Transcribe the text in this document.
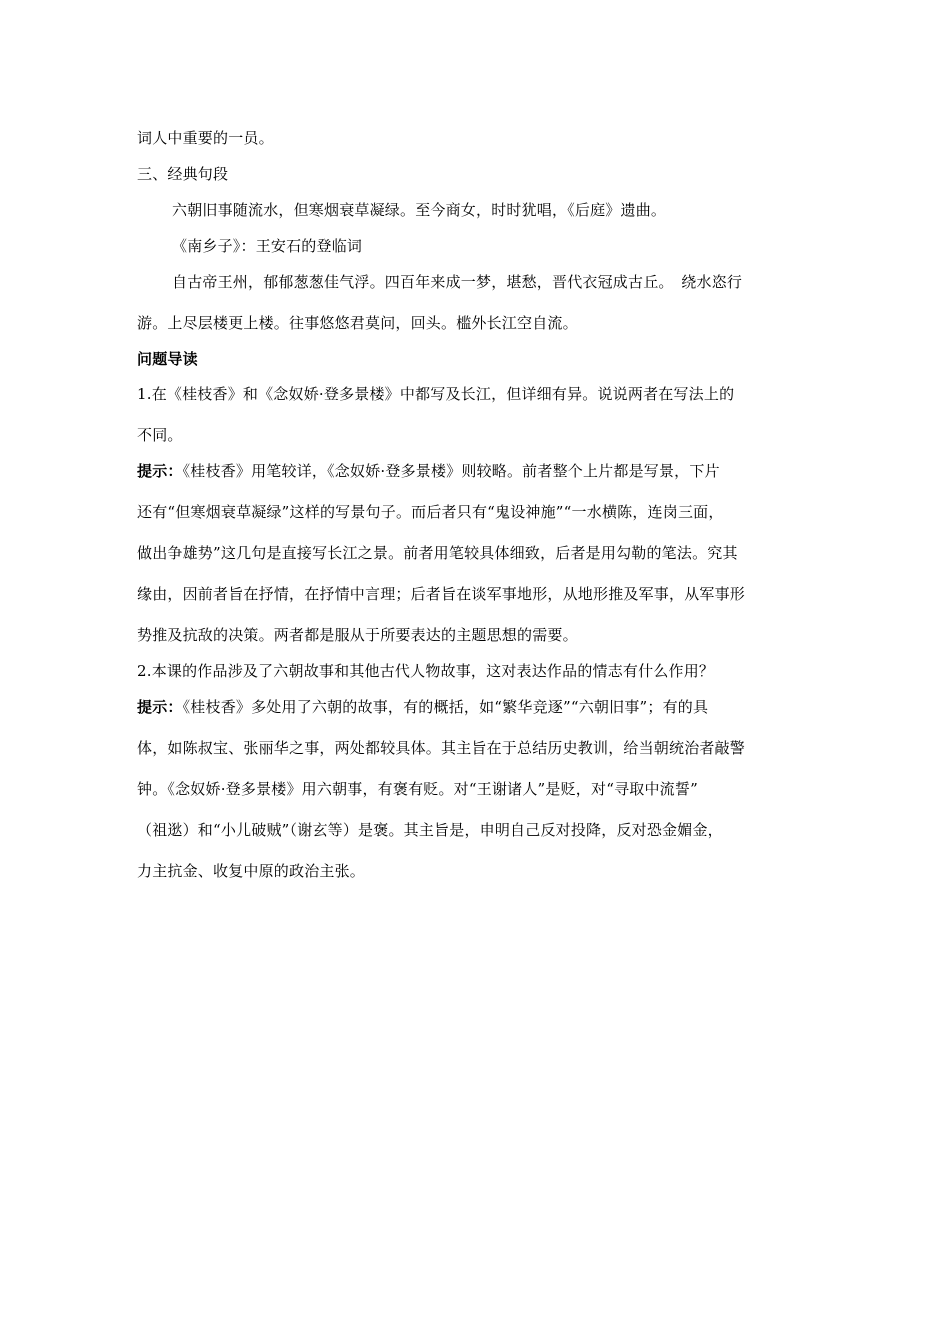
词人中重要的一员。
三、经典句段
六朝旧事随流水，但寒烟衰草凝绿。至今商女，时时犹唱，《后庭》遗曲。
《南乡子》：王安石的登临词
自古帝王州，郁郁葱葱佳气浮。四百年来成一梦，堪愁，晋代衣冠成古丘。　绕水恣行
游。上尽层楼更上楼。往事悠悠君莫问，回头。槛外长江空自流。
问题导读
1.在《桂枝香》和《念奴娇·登多景楼》中都写及长江，但详细有异。说说两者在写法上的
不同。
提示：《桂枝香》用笔较详，《念奴娇·登多景楼》则较略。前者整个上片都是写景，下片
还有“但寒烟衰草凝绿”这样的写景句子。而后者只有“鬼设神施”“一水横陈，连岗三面，
做出争雄势”这几句是直接写长江之景。前者用笔较具体细致，后者是用勾勒的笔法。究其
缘由，因前者旨在抒情，在抒情中言理；后者旨在谈军事地形，从地形推及军事，从军事形
势推及抗敌的决策。两者都是服从于所要表达的主题思想的需要。
2.本课的作品涉及了六朝故事和其他古代人物故事，这对表达作品的情志有什么作用？
提示：《桂枝香》多处用了六朝的故事，有的概括，如“繁华竞逐”“六朝旧事”；有的具
体，如陈叔宝、张丽华之事，两处都较具体。其主旨在于总结历史教训，给当朝统治者敲警
钟。《念奴娇·登多景楼》用六朝事，有褒有贬。对“王谢诸人”是贬，对“寻取中流誓”
（祖逖）和“小儿破贼”（谢玄等）是褒。其主旨是，申明自己反对投降，反对恐金媚金，
力主抗金、收复中原的政治主张。
